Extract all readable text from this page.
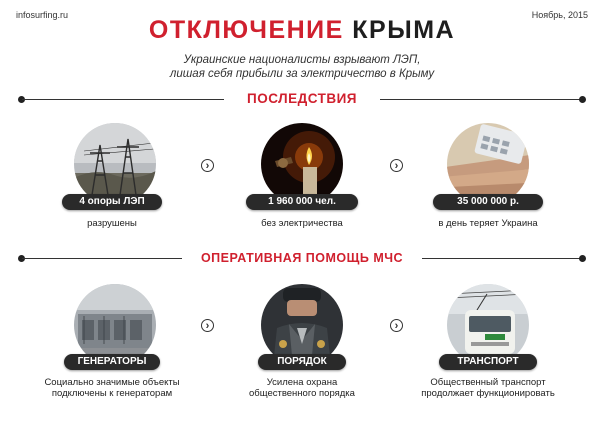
infosurfing.ru	Ноябрь, 2015
ОТКЛЮЧЕНИЕ КРЫМА
Украинские националисты взрывают ЛЭП,
лишая себя прибыли за электричество в Крыму
ПОСЛЕДСТВИЯ
4 опоры ЛЭП
разрушены
›
1 960 000 чел.
без электричества
›
35 000 000 р.
в день теряет Украина
ОПЕРАТИВНАЯ ПОМОЩЬ МЧС
ГЕНЕРАТОРЫ
Социально значимые объекты
подключены к генераторам
›
ПОРЯДОК
Усилена охрана
общественного порядка
›
ТРАНСПОРТ
Общественный транспорт
продолжает функционировать
